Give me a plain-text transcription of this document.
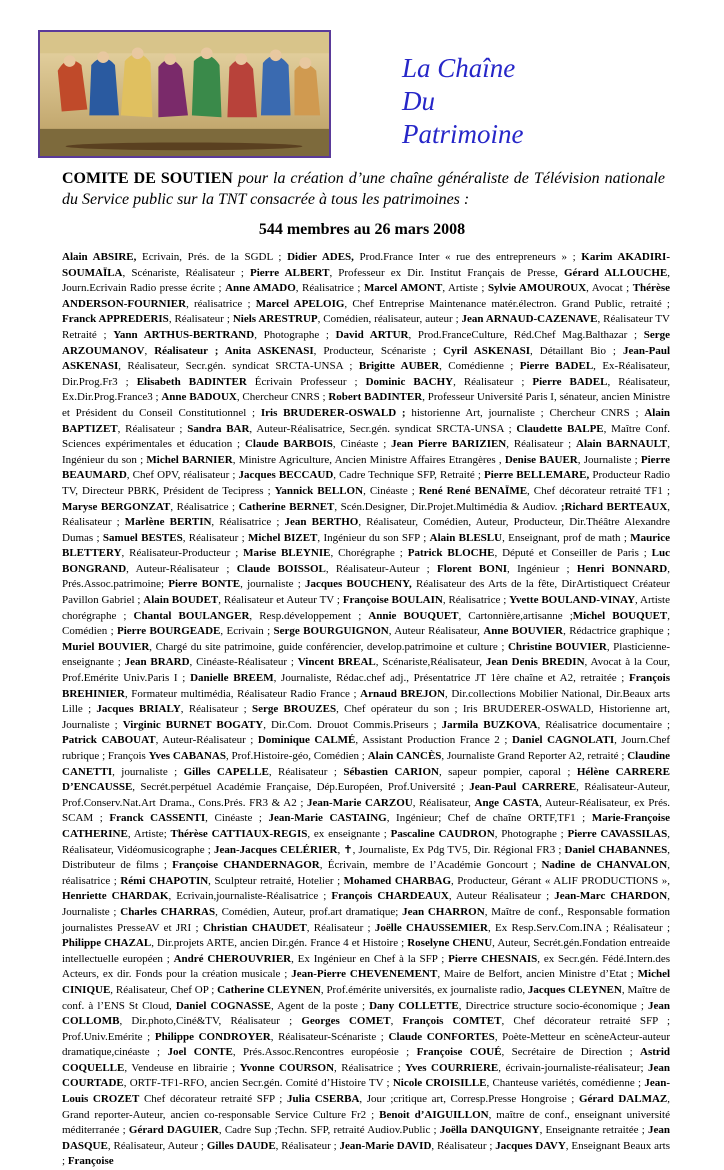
La Chaîne
Du
Patrimoine
COMITE DE SOUTIEN pour la création d’une chaîne généraliste de Télévision nationale du Service public sur la TNT consacrée à tous les patrimoines :
544 membres au 26 mars 2008

Alain ABSIRE, Ecrivain, Prés. de la SGDL ; Didier ADES, Prod.France Inter « rue des entrepreneurs » ; Karim AKADIRI-SOUMAÏLA, Scénariste, Réalisateur ; Pierre ALBERT, Professeur ex Dir. Institut Français de Presse, Gérard ALLOUCHE, Journ.Ecrivain Radio presse écrite ; Anne AMADO, Réalisatrice ; Marcel AMONT, Artiste ; Sylvie AMOUROUX, Avocat ; Thérèse ANDERSON-FOURNIER, réalisatrice ; Marcel APELOIG, Chef Entreprise Maintenance matér.électron. Grand Public, retraité ; Franck APPREDERIS, Réalisateur ; Niels ARESTRUP, Comédien, réalisateur, auteur ; Jean ARNAUD-CAZENAVE, Réalisateur TV Retraité ; Yann ARTHUS-BERTRAND, Photographe ; David ARTUR, Prod.FranceCulture, Réd.Chef Mag.Balthazar ; Serge ARZOUMANOV, Réalisateur ; Anita ASKENASI, Producteur, Scénariste ; Cyril ASKENASI, Détaillant Bio ; Jean-Paul ASKENASI, Réalisateur, Secr.gén. syndicat SRCTA-UNSA ; Brigitte AUBER, Comédienne ; Pierre BADEL, Ex-Réalisateur, Dir.Prog.Fr3 ; Elisabeth BADINTER Écrivain Professeur ; Dominic BACHY, Réalisateur ; Pierre BADEL, Réalisateur, Ex.Dir.Prog.France3 ; Anne BADOUX, Chercheur CNRS ; Robert BADINTER, Professeur Université Paris I, sénateur, ancien Ministre et Président du Conseil Constitutionnel ; Iris BRUDERER-OSWALD ; historienne Art, journaliste ; Chercheur CNRS ; Alain BAPTIZET, Réalisateur ; Sandra BAR, Auteur-Réalisatrice, Secr.gén. syndicat SRCTA-UNSA ; Claudette BALPE, Maître Conf. Sciences expérimentales et éducation ; Claude BARBOIS, Cinéaste ; Jean Pierre BARIZIEN, Réalisateur ; Alain BARNAULT, Ingénieur du son ; Michel BARNIER, Ministre Agriculture, Ancien Ministre Affaires Etrangères , Denise BAUER, Journaliste ; Pierre BEAUMARD, Chef OPV, réalisateur ; Jacques BECCAUD, Cadre Technique SFP, Retraité ; Pierre BELLEMARE, Producteur Radio TV, Directeur PBRK, Président de Tecipress ; Yannick BELLON, Cinéaste ; René René BENAÏME, Chef décorateur retraité TF1 ; Maryse BERGONZAT, Réalisatrice ; Catherine BERNET, Scén.Designer, Dir.Projet.Multimédia & Audiov. ;Richard BERTEAUX, Réalisateur ; Marlène BERTIN, Réalisatrice ; Jean BERTHO, Réalisateur, Comédien, Auteur, Producteur, Dir.Théâtre Alexandre Dumas ; Samuel BESTES, Réalisateur ; Michel BIZET, Ingénieur du son SFP ; Alain BLESLU, Enseignant, prof de math ; Maurice BLETTERY, Réalisateur-Producteur ; Marise BLEYNIE, Chorégraphe ; Patrick BLOCHE, Député et Conseiller de Paris ; Luc BONGRAND, Auteur-Réalisateur ; Claude BOISSOL, Réalisateur-Auteur ; Florent BONI, Ingénieur ; Henri BONNARD, Prés.Assoc.patrimoine; Pierre BONTE, journaliste ; Jacques BOUCHENY, Réalisateur des Arts de la fête, DirArtistiquect Créateur Pavillon Gabriel ; Alain BOUDET, Réalisateur et Auteur TV ; Françoise BOULAIN, Réalisatrice ; Yvette BOULAND-VINAY, Artiste chorégraphe ; Chantal BOULANGER, Resp.développement ; Annie BOUQUET, Cartonnière,artisanne ;Michel BOUQUET, Comédien ; Pierre BOURGEADE, Ecrivain ; Serge BOURGUIGNON, Auteur Réalisateur, Anne BOUVIER, Rédactrice graphique ; Muriel BOUVIER, Chargé du site patrimoine, guide conférencier, develop.patrimoine et culture ; Christine BOUVIER, Plasticienne-enseignante ; Jean BRARD, Cinéaste-Réalisateur ; Vincent BREAL, Scénariste,Réalisateur, Jean Denis BREDIN, Avocat à la Cour, Prof.Emérite Univ.Paris I ; Danielle BREEM, Journaliste, Rédac.chef adj., Présentatrice JT 1ère chaîne et A2, retraitée ; François BREHINIER, Formateur multimédia, Réalisateur Radio France ; Arnaud BREJON, Dir.collections Mobilier National, Dir.Beaux arts Lille ; Jacques BRIALY, Réalisateur ; Serge BROUZES, Chef opérateur du son ; Iris BRUDERER-OSWALD, Historienne art, Journaliste ; Virginic BURNET BOGATY, Dir.Com. Drouot Commis.Priseurs ; Jarmila BUZKOVA, Réalisatrice documentaire ; Patrick CABOUAT, Auteur-Réalisateur ; Dominique CALMÉ, Assistant Production France 2 ; Daniel CAGNOLATI, Journ.Chef rubrique ; François Yves CABANAS, Prof.Histoire-géo, Comédien ; Alain CANCÈS, Journaliste Grand Reporter A2, retraité ; Claudine CANETTI, journaliste ; Gilles CAPELLE, Réalisateur ; Sébastien CARION, sapeur pompier, caporal ; Hélène CARRERE D’ENCAUSSE, Secrét.perpétuel Académie Française, Dép.Européen, Prof.Université ; Jean-Paul CARRERE, Réalisateur-Auteur, Prof.Conserv.Nat.Art Drama., Cons.Prés. FR3 & A2 ; Jean-Marie CARZOU, Réalisateur, Ange CASTA, Auteur-Réalisateur, ex Prés. SCAM ; Franck CASSENTI, Cinéaste ; Jean-Marie CASTAING, Ingénieur; Chef de chaîne ORTF,TF1 ; Marie-Françoise CATHERINE, Artiste; Thérèse CATTIAUX-REGIS, ex enseignante ; Pascaline CAUDRON, Photographe ; Pierre CAVASSILAS, Réalisateur, Vidéomusicographe ; Jean-Jacques CELÉRIER, ✝, Journaliste, Ex Pdg TV5, Dir. Régional FR3 ; Daniel CHABANNES, Distributeur de films ; Françoise CHANDERNAGOR, Écrivain, membre de l’Académie Goncourt ; Nadine de CHANVALON, réalisatrice ; Rémi CHAPOTIN, Sculpteur retraité, Hotelier ; Mohamed CHARBAG, Producteur, Gérant « ALIF PRODUCTIONS », Henriette CHARDAK, Ecrivain,journaliste-Réalisatrice ; François CHARDEAUX, Auteur Réalisateur ; Jean-Marc CHARDON, Journaliste ; Charles CHARRAS, Comédien, Auteur, prof.art dramatique; Jean CHARRON, Maître de conf., Responsable formation journalistes PresseAV et JRI ; Christian CHAUDET, Réalisateur ; Joëlle CHAUSSEMIER, Ex Resp.Serv.Com.INA ; Réalisateur ; Philippe CHAZAL, Dir.projets ARTE, ancien Dir.gén. France 4 et Histoire ; Roselyne CHENU, Auteur, Secrét.gén.Fondation entreaide intellectuelle européen ; André CHEROUVRIER, Ex Ingénieur en Chef à la SFP ; Pierre CHESNAIS, ex Secr.gén. Fédé.Intern.des Acteurs, ex dir. Fonds pour la création musicale ; Jean-Pierre CHEVENEMENT, Maire de Belfort, ancien Ministre d’Etat ; Michel CINIQUE, Réalisateur, Chef OP ; Catherine CLEYNEN, Prof.émérite universités, ex journaliste radio, Jacques CLEYNEN, Maître de conf. à l’ENS St Cloud, Daniel COGNASSE, Agent de la poste ; Dany COLLETTE, Directrice structure socio-économique ; Jean COLLOMB, Dir.photo,Ciné&TV, Réalisateur ; Georges COMET, François COMTET, Chef décorateur retraité SFP ; Prof.Univ.Emérite ; Philippe CONDROYER, Réalisateur-Scénariste ; Claude CONFORTES, Poète-Metteur en scèneActeur-auteur dramatique,cinéaste ; Joel CONTE, Prés.Assoc.Rencontres européosie ; Françoise COUÉ, Secrétaire de Direction ; Astrid COQUELLE, Vendeuse en librairie ; Yvonne COURSON, Réalisatrice ; Yves COURRIERE, écrivain-journaliste-réalisateur; Jean COURTADE, ORTF-TF1-RFO, ancien Secr.gén. Comité d’Histoire TV ; Nicole CROISILLE, Chanteuse variétés, comédienne ; Jean-Louis CROZET Chef décorateur retraité SFP ; Julia CSERBA, Jour ;critique art, Corresp.Presse Hongroise ; Gérard DALMAZ, Grand reporter-Auteur, ancien co-responsable Service Culture Fr2 ; Benoit d’AIGUILLON, maître de conf., enseignant université méditerranée ; Gérard DAGUIER, Cadre Sup ;Techn. SFP, retraité Audiov.Public ; Joëlla DANQUIGNY, Enseignante retraitée ; Jean DASQUE, Réalisateur, Auteur ; Gilles DAUDE, Réalisateur ; Jean-Marie DAVID, Réalisateur ; Jacques DAVY, Enseignant Beaux arts ; Françoise
